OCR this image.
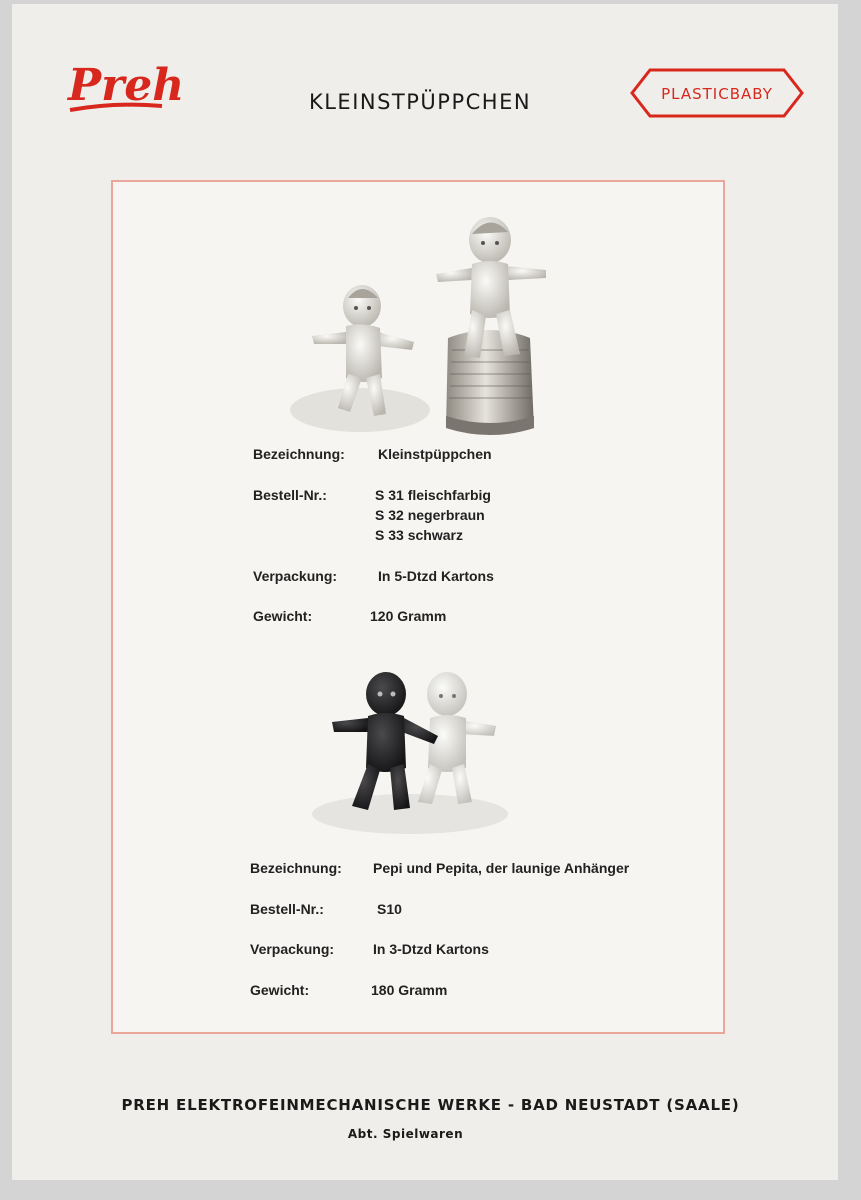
Preh	KLEINSTPÜPPCHEN	PLASTICBABY
Bezeichnung: Kleinstpüppchen
Bestell-Nr.:	S 31 fleischfarbig
S 32 negerbraun
S 33 schwarz
Verpackung:	In 5-Dtzd Kartons
Gewicht:	120 Gramm
Bezeichnung: Pepi und Pepita, der launige Anhänger
Bestell-Nr.:	S10
Verpackung:	In 3-Dtzd Kartons
Gewicht:	180 Gramm
PREH ELEKTROFEINMECHANISCHE WERKE - BAD NEUSTADT (SAALE)
Abt. Spielwaren
